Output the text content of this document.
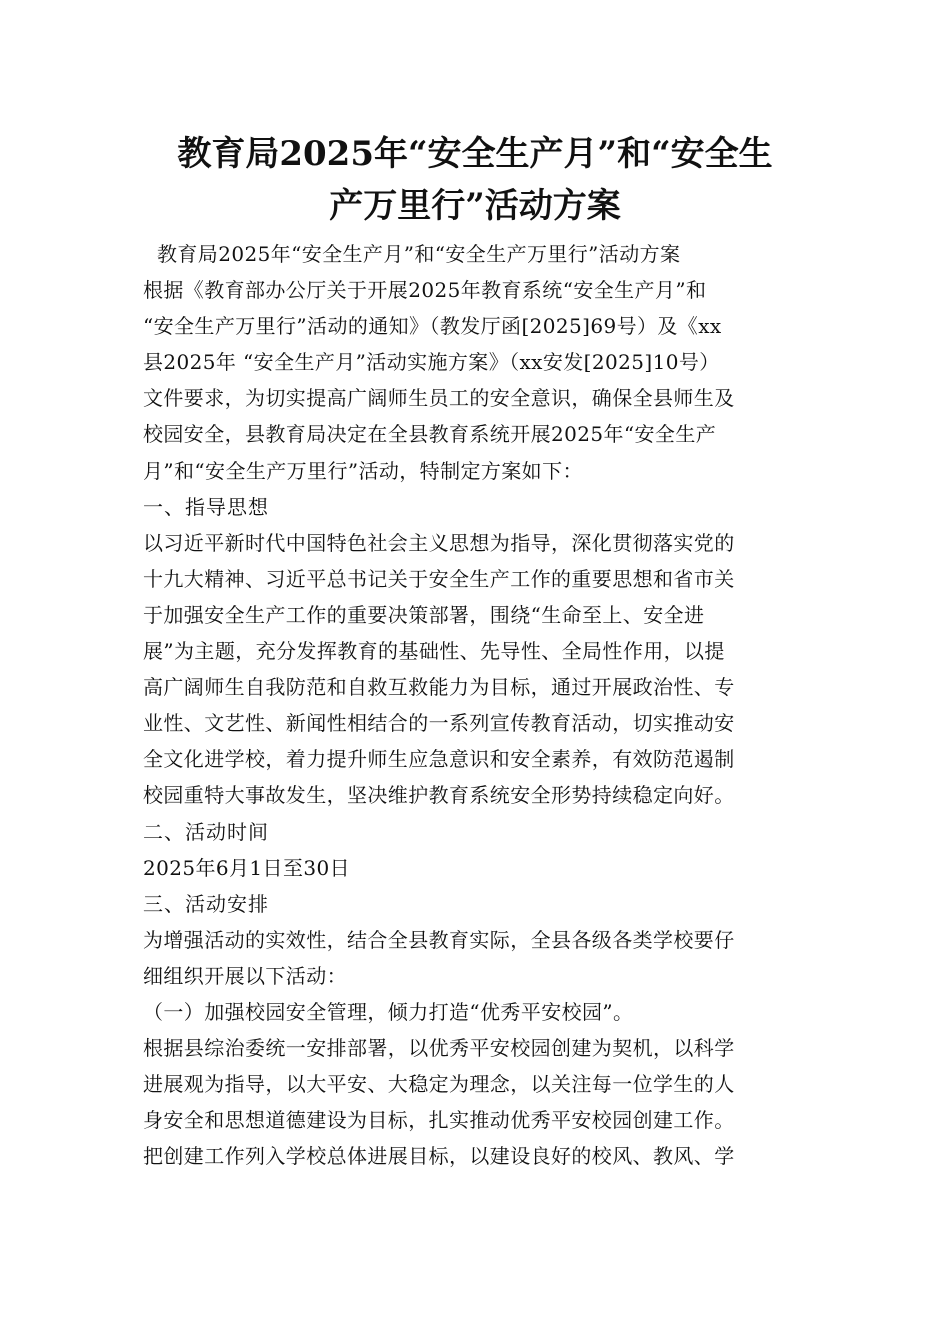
教育局2025年“安全生产月”和“安全生
产万里行”活动方案
教育局2025年“安全生产月”和“安全生产万里行”活动方案
根据《教育部办公厅关于开展2025年教育系统“安全生产月”和
“安全生产万里行”活动的通知》（教发厅函[2025]69号）及《xx
县2025年 “安全生产月”活动实施方案》（xx安发[2025]10号）
文件要求，为切实提高广阔师生员工的安全意识，确保全县师生及
校园安全，县教育局决定在全县教育系统开展2025年“安全生产
月”和“安全生产万里行”活动，特制定方案如下：
一、指导思想
以习近平新时代中国特色社会主义思想为指导，深化贯彻落实党的
十九大精神、习近平总书记关于安全生产工作的重要思想和省市关
于加强安全生产工作的重要决策部署，围绕“生命至上、安全进
展”为主题，充分发挥教育的基础性、先导性、全局性作用，以提
高广阔师生自我防范和自救互救能力为目标，通过开展政治性、专
业性、文艺性、新闻性相结合的一系列宣传教育活动，切实推动安
全文化进学校，着力提升师生应急意识和安全素养，有效防范遏制
校园重特大事故发生，坚决维护教育系统安全形势持续稳定向好。
二、活动时间
2025年6月1日至30日
三、活动安排
为增强活动的实效性，结合全县教育实际，全县各级各类学校要仔
细组织开展以下活动：
（一）加强校园安全管理，倾力打造“优秀平安校园”。
根据县综治委统一安排部署，以优秀平安校园创建为契机，以科学
进展观为指导，以大平安、大稳定为理念，以关注每一位学生的人
身安全和思想道德建设为目标，扎实推动优秀平安校园创建工作。
把创建工作列入学校总体进展目标，以建设良好的校风、教风、学
